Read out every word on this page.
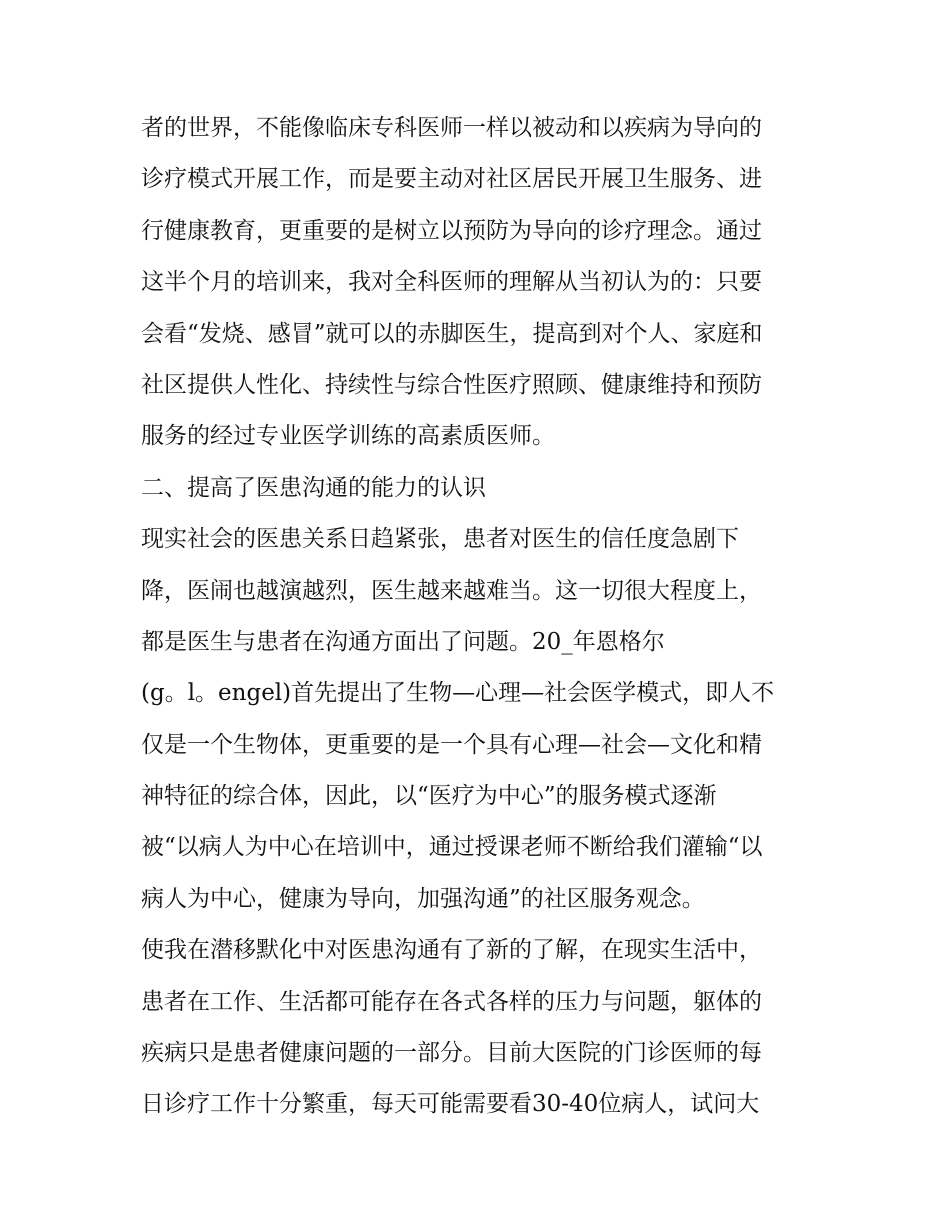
者的世界，不能像临床专科医师一样以被动和以疾病为导向的
诊疗模式开展工作，而是要主动对社区居民开展卫生服务、进
行健康教育，更重要的是树立以预防为导向的诊疗理念。通过
这半个月的培训来，我对全科医师的理解从当初认为的：只要
会看“发烧、感冒”就可以的赤脚医生，提高到对个人、家庭和
社区提供人性化、持续性与综合性医疗照顾、健康维持和预防
服务的经过专业医学训练的高素质医师。
二、提高了医患沟通的能力的认识
现实社会的医患关系日趋紧张，患者对医生的信任度急剧下
降，医闹也越演越烈，医生越来越难当。这一切很大程度上，
都是医生与患者在沟通方面出了问题。20_年恩格尔
(g。l。engel)首先提出了生物—心理—社会医学模式，即人不
仅是一个生物体，更重要的是一个具有心理—社会—文化和精
神特征的综合体，因此，以“医疗为中心”的服务模式逐渐
被“以病人为中心在培训中，通过授课老师不断给我们灌输“以
病人为中心，健康为导向，加强沟通”的社区服务观念。
使我在潜移默化中对医患沟通有了新的了解，在现实生活中，
患者在工作、生活都可能存在各式各样的压力与问题，躯体的
疾病只是患者健康问题的一部分。目前大医院的门诊医师的每
日诊疗工作十分繁重，每天可能需要看30-40位病人，试问大
